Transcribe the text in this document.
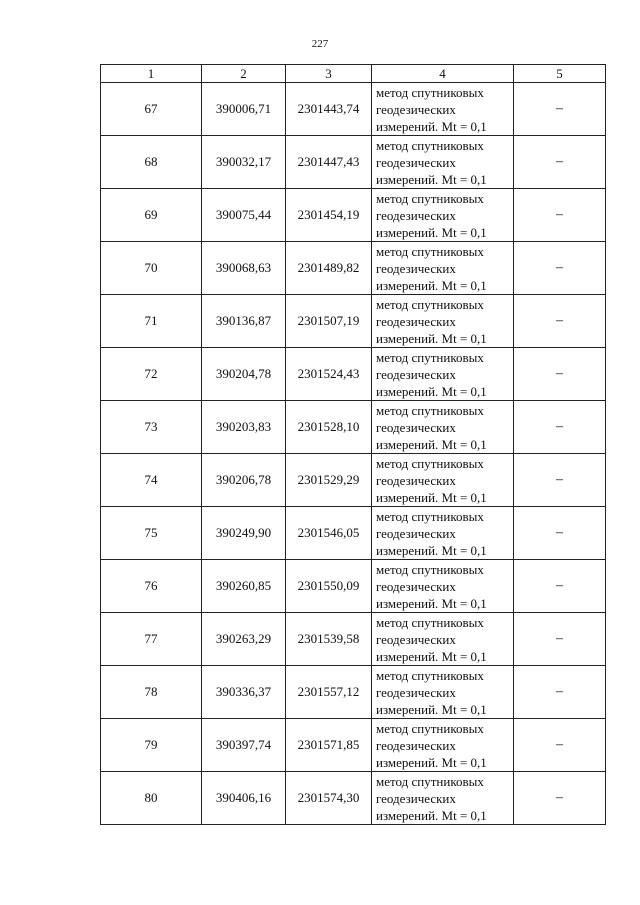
227
1	2	3	4	5
67	390006,71	2301443,74	метод спутниковых
геодезических
измерений. Mt = 0,1	–
68	390032,17	2301447,43	метод спутниковых
геодезических
измерений. Mt = 0,1	–
69	390075,44	2301454,19	метод спутниковых
геодезических
измерений. Mt = 0,1	–
70	390068,63	2301489,82	метод спутниковых
геодезических
измерений. Mt = 0,1	–
71	390136,87	2301507,19	метод спутниковых
геодезических
измерений. Mt = 0,1	–
72	390204,78	2301524,43	метод спутниковых
геодезических
измерений. Mt = 0,1	–
73	390203,83	2301528,10	метод спутниковых
геодезических
измерений. Mt = 0,1	–
74	390206,78	2301529,29	метод спутниковых
геодезических
измерений. Mt = 0,1	–
75	390249,90	2301546,05	метод спутниковых
геодезических
измерений. Mt = 0,1	–
76	390260,85	2301550,09	метод спутниковых
геодезических
измерений. Mt = 0,1	–
77	390263,29	2301539,58	метод спутниковых
геодезических
измерений. Mt = 0,1	–
78	390336,37	2301557,12	метод спутниковых
геодезических
измерений. Mt = 0,1	–
79	390397,74	2301571,85	метод спутниковых
геодезических
измерений. Mt = 0,1	–
80	390406,16	2301574,30	метод спутниковых
геодезических
измерений. Mt = 0,1	–
